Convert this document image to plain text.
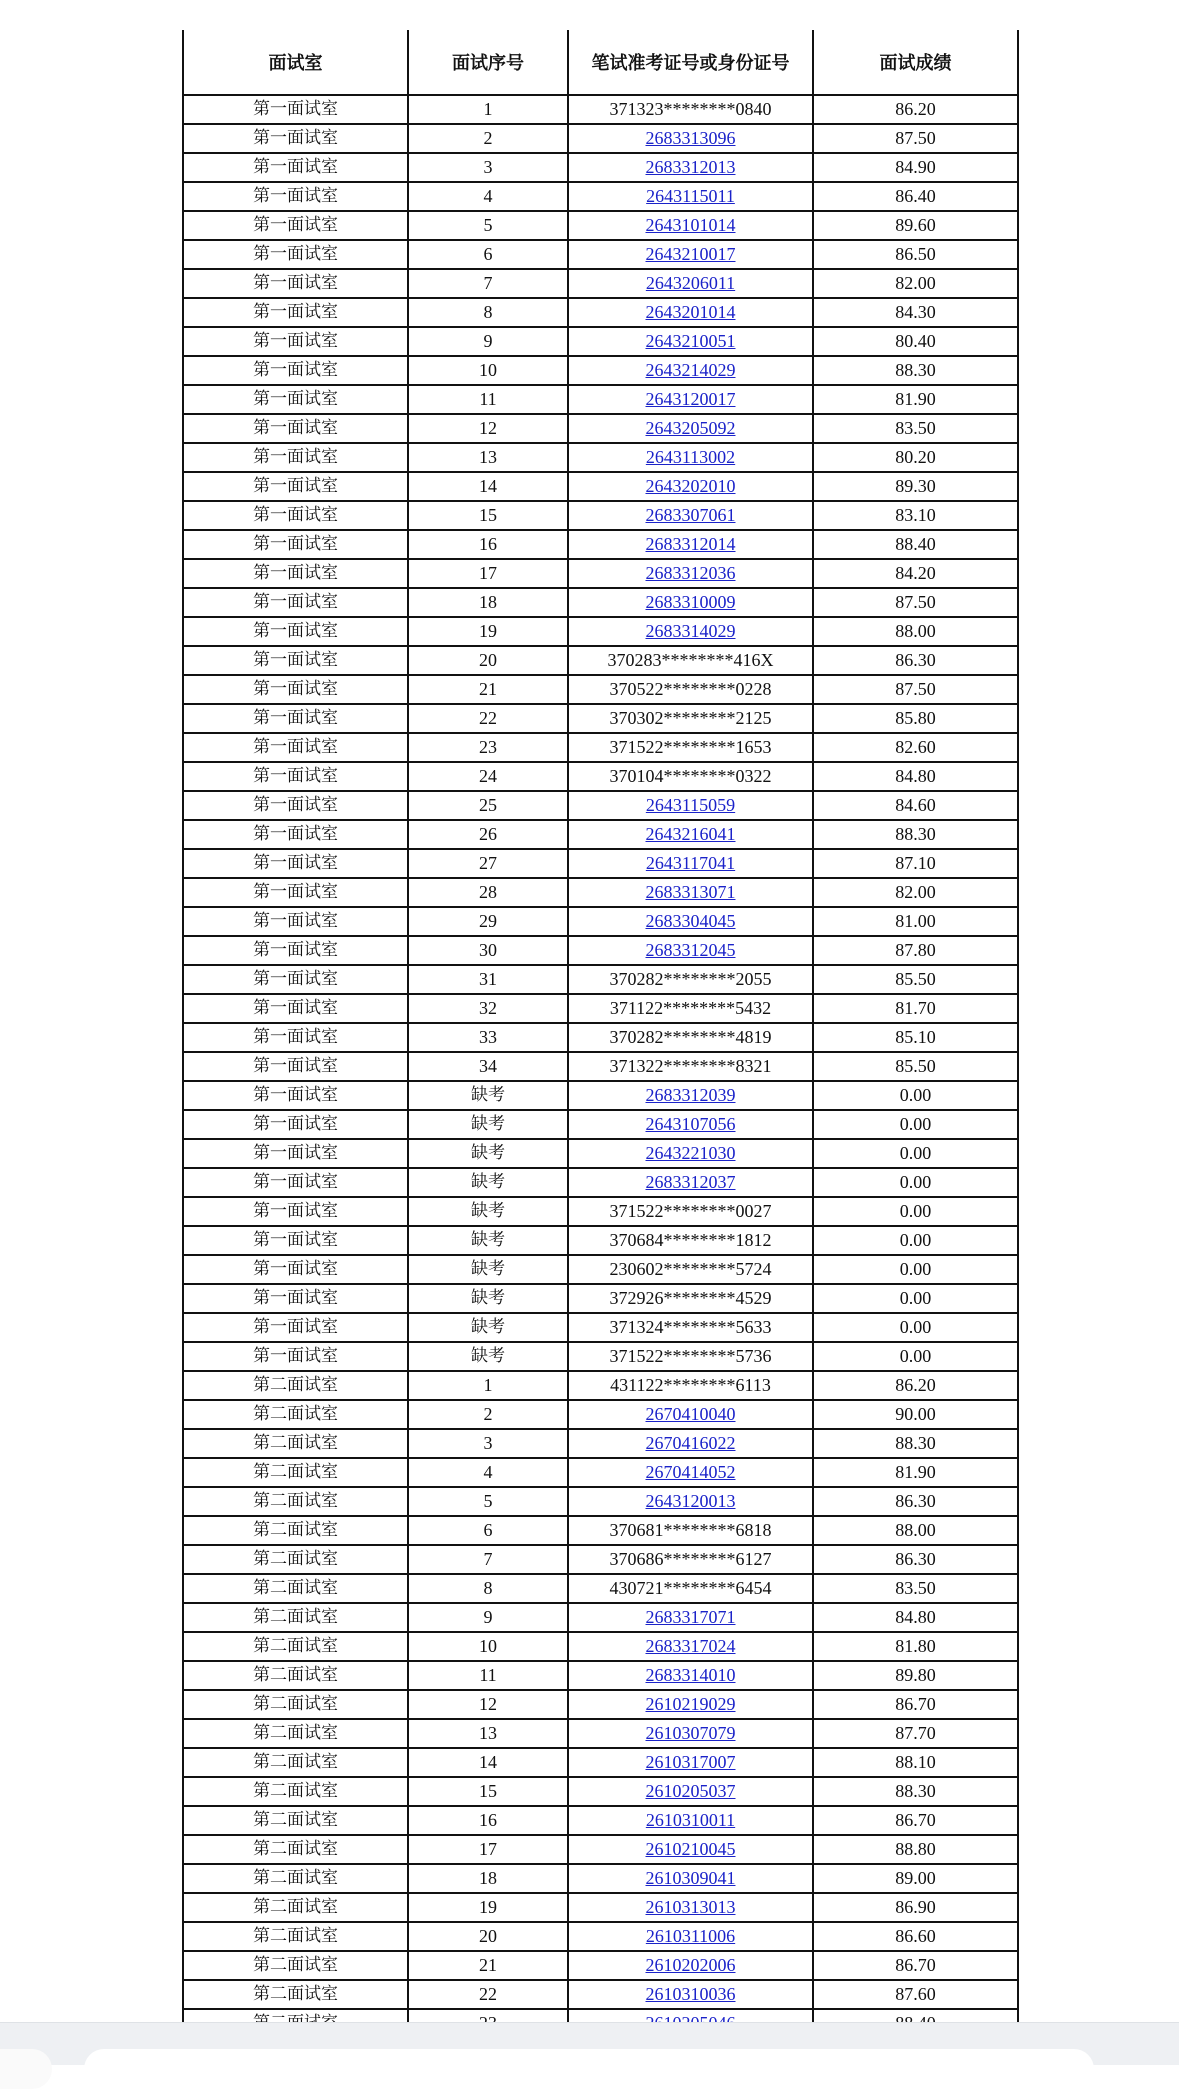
面试室	面试序号	笔试准考证号或身份证号	面试成绩
第一面试室	1	371323********0840	86.20
第一面试室	2	2683313096	87.50
第一面试室	3	2683312013	84.90
第一面试室	4	2643115011	86.40
第一面试室	5	2643101014	89.60
第一面试室	6	2643210017	86.50
第一面试室	7	2643206011	82.00
第一面试室	8	2643201014	84.30
第一面试室	9	2643210051	80.40
第一面试室	10	2643214029	88.30
第一面试室	11	2643120017	81.90
第一面试室	12	2643205092	83.50
第一面试室	13	2643113002	80.20
第一面试室	14	2643202010	89.30
第一面试室	15	2683307061	83.10
第一面试室	16	2683312014	88.40
第一面试室	17	2683312036	84.20
第一面试室	18	2683310009	87.50
第一面试室	19	2683314029	88.00
第一面试室	20	370283********416X	86.30
第一面试室	21	370522********0228	87.50
第一面试室	22	370302********2125	85.80
第一面试室	23	371522********1653	82.60
第一面试室	24	370104********0322	84.80
第一面试室	25	2643115059	84.60
第一面试室	26	2643216041	88.30
第一面试室	27	2643117041	87.10
第一面试室	28	2683313071	82.00
第一面试室	29	2683304045	81.00
第一面试室	30	2683312045	87.80
第一面试室	31	370282********2055	85.50
第一面试室	32	371122********5432	81.70
第一面试室	33	370282********4819	85.10
第一面试室	34	371322********8321	85.50
第一面试室	缺考	2683312039	0.00
第一面试室	缺考	2643107056	0.00
第一面试室	缺考	2643221030	0.00
第一面试室	缺考	2683312037	0.00
第一面试室	缺考	371522********0027	0.00
第一面试室	缺考	370684********1812	0.00
第一面试室	缺考	230602********5724	0.00
第一面试室	缺考	372926********4529	0.00
第一面试室	缺考	371324********5633	0.00
第一面试室	缺考	371522********5736	0.00
第二面试室	1	431122********6113	86.20
第二面试室	2	2670410040	90.00
第二面试室	3	2670416022	88.30
第二面试室	4	2670414052	81.90
第二面试室	5	2643120013	86.30
第二面试室	6	370681********6818	88.00
第二面试室	7	370686********6127	86.30
第二面试室	8	430721********6454	83.50
第二面试室	9	2683317071	84.80
第二面试室	10	2683317024	81.80
第二面试室	11	2683314010	89.80
第二面试室	12	2610219029	86.70
第二面试室	13	2610307079	87.70
第二面试室	14	2610317007	88.10
第二面试室	15	2610205037	88.30
第二面试室	16	2610310011	86.70
第二面试室	17	2610210045	88.80
第二面试室	18	2610309041	89.00
第二面试室	19	2610313013	86.90
第二面试室	20	2610311006	86.60
第二面试室	21	2610202006	86.70
第二面试室	22	2610310036	87.60
